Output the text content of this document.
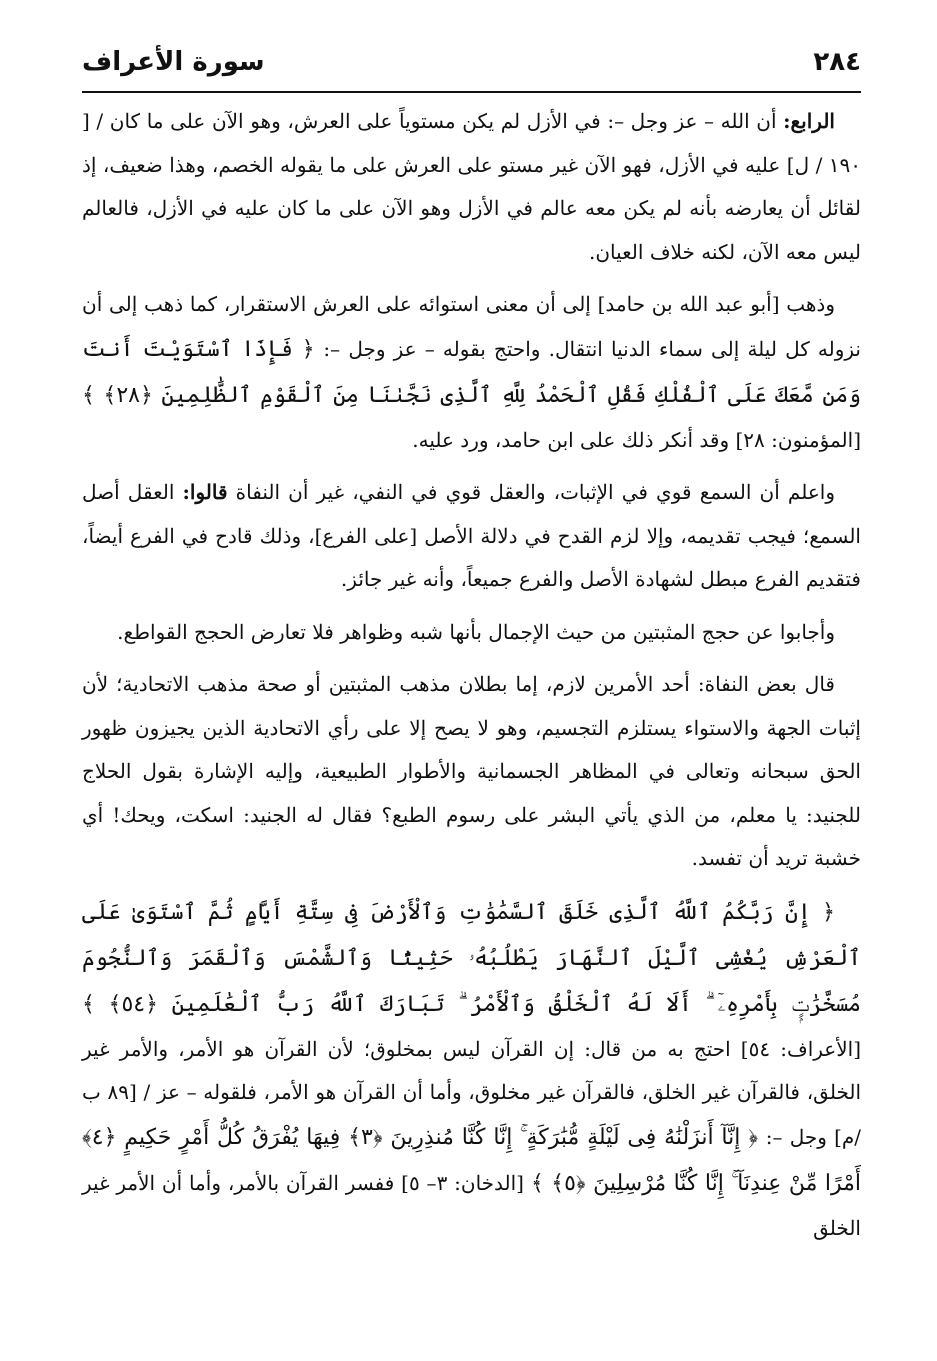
٢٨٤
سورة الأعراف

الرابع: أن الله – عز وجل –: في الأزل لم يكن مستوياً على العرش، وهو الآن على ما كان / [ ١٩٠ / ل] عليه في الأزل، فهو الآن غير مستو على العرش على ما يقوله الخصم، وهذا ضعيف، إذ لقائل أن يعارضه بأنه لم يكن معه عالم في الأزل وهو الآن على ما كان عليه في الأزل، فالعالم ليس معه الآن، لكنه خلاف العيان.

وذهب [أبو عبد الله بن حامد] إلى أن معنى استوائه على العرش الاستقرار، كما ذهب إلى أن نزوله كل ليلة إلى سماء الدنيا انتقال. واحتج بقوله – عز وجل –: ﴿ فَإِذَا ٱسْتَوَيْتَ أَنتَ وَمَن مَّعَكَ عَلَى ٱلْفُلْكِ فَقُلِ ٱلْحَمْدُ لِلَّهِ ٱلَّذِى نَجَّىٰنَا مِنَ ٱلْقَوْمِ ٱلظَّٰلِمِينَ ﴿٢٨﴾ ﴾ [المؤمنون: ٢٨] وقد أنكر ذلك على ابن حامد، ورد عليه.

واعلم أن السمع قوي في الإثبات، والعقل قوي في النفي، غير أن النفاة قالوا: العقل أصل السمع؛ فيجب تقديمه، وإلا لزم القدح في دلالة الأصل [على الفرع]، وذلك قادح في الفرع أيضاً، فتقديم الفرع مبطل لشهادة الأصل والفرع جميعاً، وأنه غير جائز.

وأجابوا عن حجج المثبتين من حيث الإجمال بأنها شبه وظواهر فلا تعارض الحجج القواطع.

قال بعض النفاة: أحد الأمرين لازم، إما بطلان مذهب المثبتين أو صحة مذهب الاتحادية؛ لأن إثبات الجهة والاستواء يستلزم التجسيم، وهو لا يصح إلا على رأي الاتحادية الذين يجيزون ظهور الحق سبحانه وتعالى في المظاهر الجسمانية والأطوار الطبيعية، وإليه الإشارة بقول الحلاج للجنيد: يا معلم، من الذي يأتي البشر على رسوم الطبع؟ فقال له الجنيد: اسكت، ويحك! أي خشبة تريد أن تفسد.

﴿ إِنَّ رَبَّكُمُ ٱللَّهُ ٱلَّذِى خَلَقَ ٱلسَّمَٰوَٰتِ وَٱلْأَرْضَ فِى سِتَّةِ أَيَّامٍ ثُمَّ ٱسْتَوَىٰ عَلَى ٱلْعَرْشِ يُغْشِى ٱلَّيْلَ ٱلنَّهَارَ يَطْلُبُهُۥ حَثِيثًا وَٱلشَّمْسَ وَٱلْقَمَرَ وَٱلنُّجُومَ مُسَخَّرَٰتٍۭ بِأَمْرِهِۦٓ ۗ أَلَا لَهُ ٱلْخَلْقُ وَٱلْأَمْرُ ۗ تَبَارَكَ ٱللَّهُ رَبُّ ٱلْعَٰلَمِينَ ﴿٥٤﴾ ﴾ [الأعراف: ٥٤] احتج به من قال: إن القرآن ليس بمخلوق؛ لأن القرآن هو الأمر، والأمر غير الخلق، فالقرآن غير الخلق، فالقرآن غير مخلوق، وأما أن القرآن هو الأمر، فلقوله – عز / [٨٩ ب /م] وجل –: ﴿ إِنَّآ أَنزَلْنَٰهُ فِى لَيْلَةٍ مُّبَٰرَكَةٍ ۚ إِنَّا كُنَّا مُنذِرِينَ ﴿٣﴾ فِيهَا يُفْرَقُ كُلُّ أَمْرٍ حَكِيمٍ ﴿٤﴾ أَمْرًا مِّنْ عِندِنَآ ۚ إِنَّا كُنَّا مُرْسِلِينَ ﴿٥﴾ ﴾ [الدخان: ٣– ٥] ففسر القرآن بالأمر، وأما أن الأمر غير الخلق
